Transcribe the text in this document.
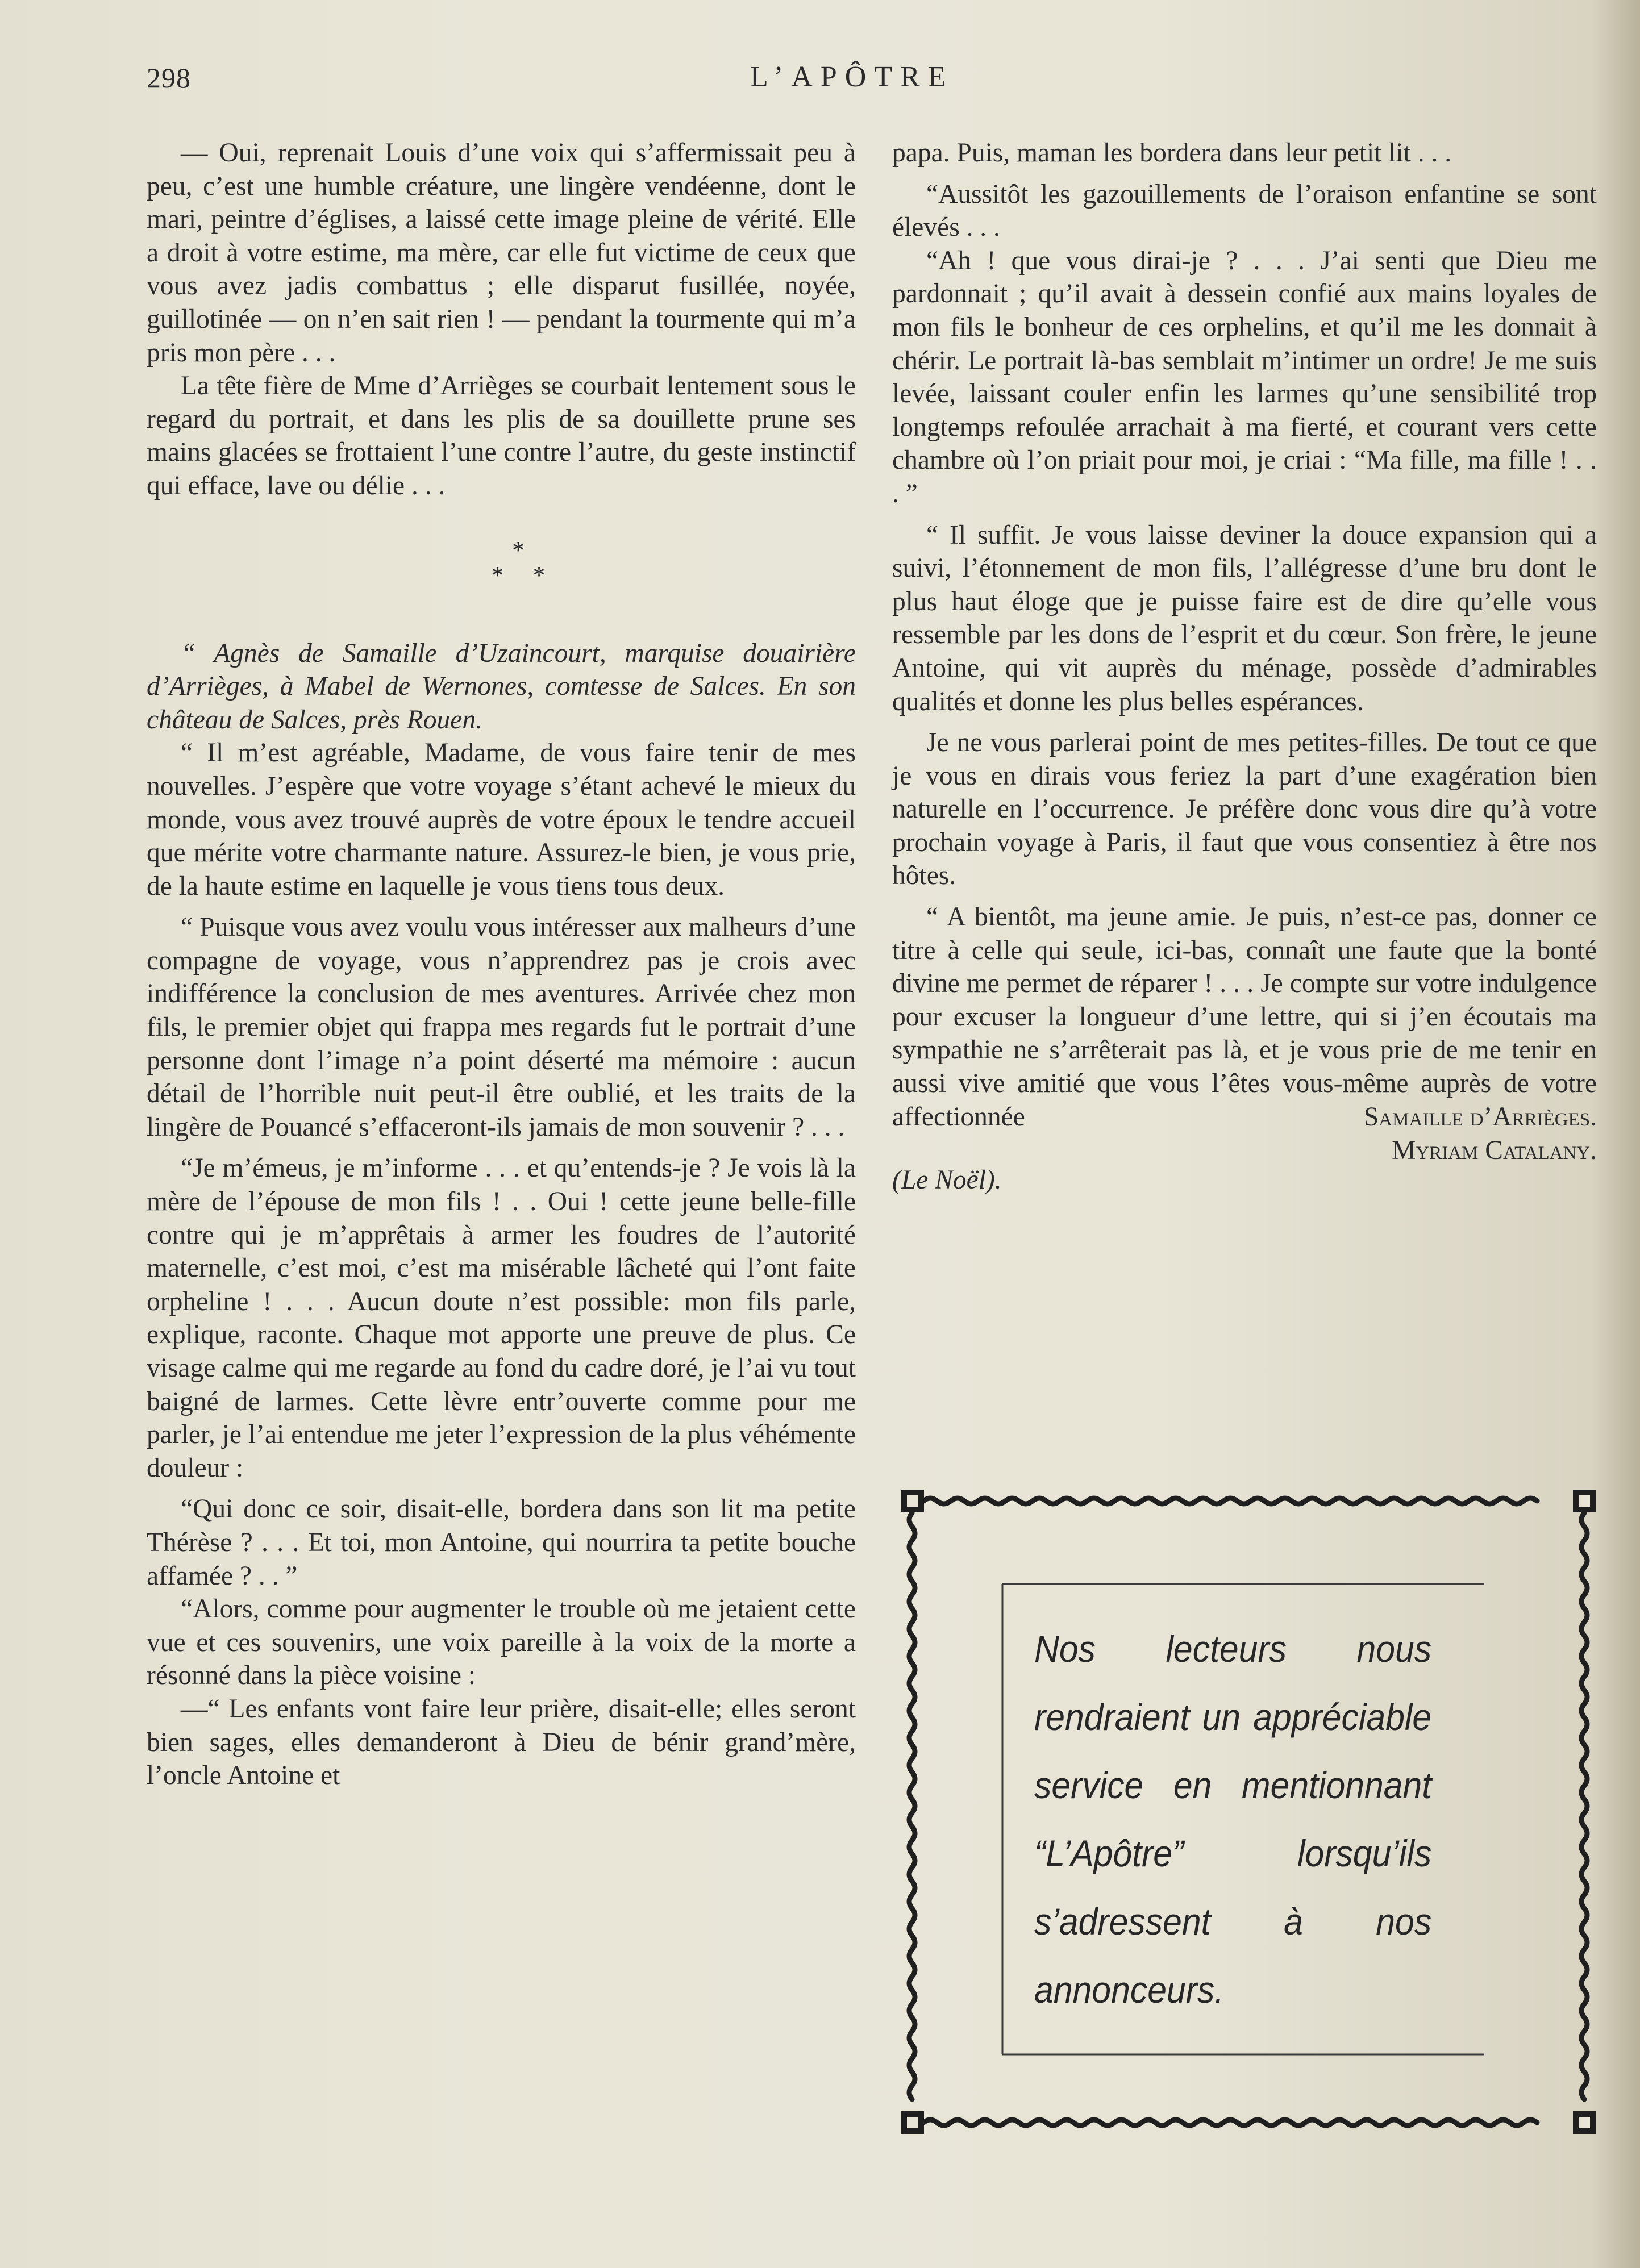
298	L’APÔTRE

— Oui, reprenait Louis d’une voix qui s’affermissait peu à peu, c’est une humble créature, une lingère vendéenne, dont le mari, peintre d’églises, a laissé cette image pleine de vérité. Elle a droit à votre estime, ma mère, car elle fut victime de ceux que vous avez jadis combattus ; elle disparut fusillée, noyée, guillotinée — on n’en sait rien ! — pendant la tourmente qui m’a pris mon père . . .

La tête fière de Mme d’Arrièges se courbait lentement sous le regard du portrait, et dans les plis de sa douillette prune ses mains glacées se frottaient l’une contre l’autre, du geste instinctif qui efface, lave ou délie . . .

*
* *

“ Agnès de Samaille d’Uzaincourt, marquise douairière d’Arrièges, à Mabel de Wernones, comtesse de Salces. En son château de Salces, près Rouen.

“ Il m’est agréable, Madame, de vous faire tenir de mes nouvelles. J’espère que votre voyage s’étant achevé le mieux du monde, vous avez trouvé auprès de votre époux le tendre accueil que mérite votre charmante nature. Assurez-le bien, je vous prie, de la haute estime en laquelle je vous tiens tous deux.

“ Puisque vous avez voulu vous intéresser aux malheurs d’une compagne de voyage, vous n’apprendrez pas je crois avec indifférence la conclusion de mes aventures. Arrivée chez mon fils, le premier objet qui frappa mes regards fut le portrait d’une personne dont l’image n’a point déserté ma mémoire : aucun détail de l’horrible nuit peut-il être oublié, et les traits de la lingère de Pouancé s’effaceront-ils jamais de mon souvenir ? . . .

“Je m’émeus, je m’informe . . . et qu’entends-je ? Je vois là la mère de l’épouse de mon fils ! . . Oui ! cette jeune belle-fille contre qui je m’apprêtais à armer les foudres de l’autorité maternelle, c’est moi, c’est ma misérable lâcheté qui l’ont faite orpheline ! . . . Aucun doute n’est possible: mon fils parle, explique, raconte. Chaque mot apporte une preuve de plus. Ce visage calme qui me regarde au fond du cadre doré, je l’ai vu tout baigné de larmes. Cette lèvre entr’ouverte comme pour me parler, je l’ai entendue me jeter l’expression de la plus véhémente douleur :

“Qui donc ce soir, disait-elle, bordera dans son lit ma petite Thérèse ? . . . Et toi, mon Antoine, qui nourrira ta petite bouche affamée ? . . ”

“Alors, comme pour augmenter le trouble où me jetaient cette vue et ces souvenirs, une voix pareille à la voix de la morte a résonné dans la pièce voisine :

—“ Les enfants vont faire leur prière, disait-elle; elles seront bien sages, elles demanderont à Dieu de bénir grand’mère, l’oncle Antoine et

papa. Puis, maman les bordera dans leur petit lit . . .

“Aussitôt les gazouillements de l’oraison enfantine se sont élevés . . .

“Ah ! que vous dirai-je ? . . . J’ai senti que Dieu me pardonnait ; qu’il avait à dessein confié aux mains loyales de mon fils le bonheur de ces orphelins, et qu’il me les donnait à chérir. Le portrait là-bas semblait m’intimer un ordre! Je me suis levée, laissant couler enfin les larmes qu’une sensibilité trop longtemps refoulée arrachait à ma fierté, et courant vers cette chambre où l’on priait pour moi, je criai : “Ma fille, ma fille ! . . . ”

“ Il suffit. Je vous laisse deviner la douce expansion qui a suivi, l’étonnement de mon fils, l’allégresse d’une bru dont le plus haut éloge que je puisse faire est de dire qu’elle vous ressemble par les dons de l’esprit et du cœur. Son frère, le jeune Antoine, qui vit auprès du ménage, possède d’admirables qualités et donne les plus belles espérances.

Je ne vous parlerai point de mes petites-filles. De tout ce que je vous en dirais vous feriez la part d’une exagération bien naturelle en l’occurrence. Je préfère donc vous dire qu’à votre prochain voyage à Paris, il faut que vous consentiez à être nos hôtes.

“ A bientôt, ma jeune amie. Je puis, n’est-ce pas, donner ce titre à celle qui seule, ici-bas, connaît une faute que la bonté divine me permet de réparer ! . . . Je compte sur votre indulgence pour excuser la longueur d’une lettre, qui si j’en écoutais ma sympathie ne s’arrêterait pas là, et je vous prie de me tenir en aussi vive amitié que vous l’êtes vous-même auprès de votre affectionnée	Samaille d’Arrièges.

Myriam Catalany.

(Le Noël).

Nos lecteurs nous rendraient un appréciable service en mentionnant “L’Apôtre” lorsqu’ils s’adressent à nos annonceurs.
